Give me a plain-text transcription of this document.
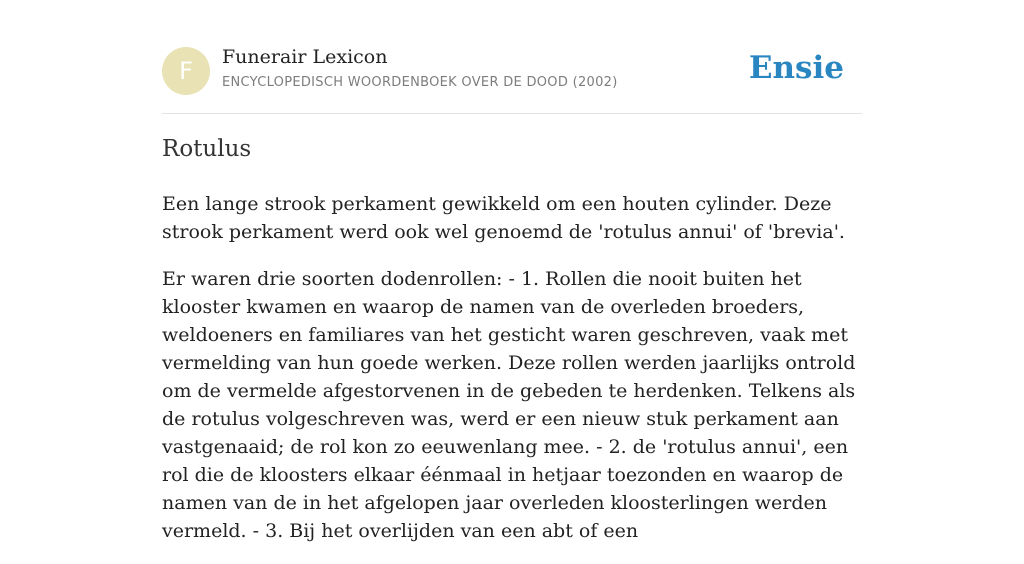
F	Funerair Lexicon
ENCYCLOPEDISCH WOORDENBOEK OVER DE DOOD (2002)	Ensie
Rotulus

Een lange strook perkament gewikkeld om een houten cylinder. Deze strook perkament werd ook wel genoemd de 'rotulus annui' of 'brevia'.

Er waren drie soorten dodenrollen: - 1. Rollen die nooit buiten het klooster kwamen en waarop de namen van de overleden broeders, weldoeners en familiares van het gesticht waren geschreven, vaak met vermelding van hun goede werken. Deze rollen werden jaarlijks ontrold om de vermelde afgestorvenen in de gebeden te herdenken. Telkens als de rotulus volgeschreven was, werd er een nieuw stuk perkament aan vastgenaaid; de rol kon zo eeuwenlang mee. - 2. de 'rotulus annui', een rol die de kloosters elkaar éénmaal in hetjaar toezonden en waarop de namen van de in het afgelopen jaar overleden kloosterlingen werden vermeld. - 3. Bij het overlijden van een abt of een
